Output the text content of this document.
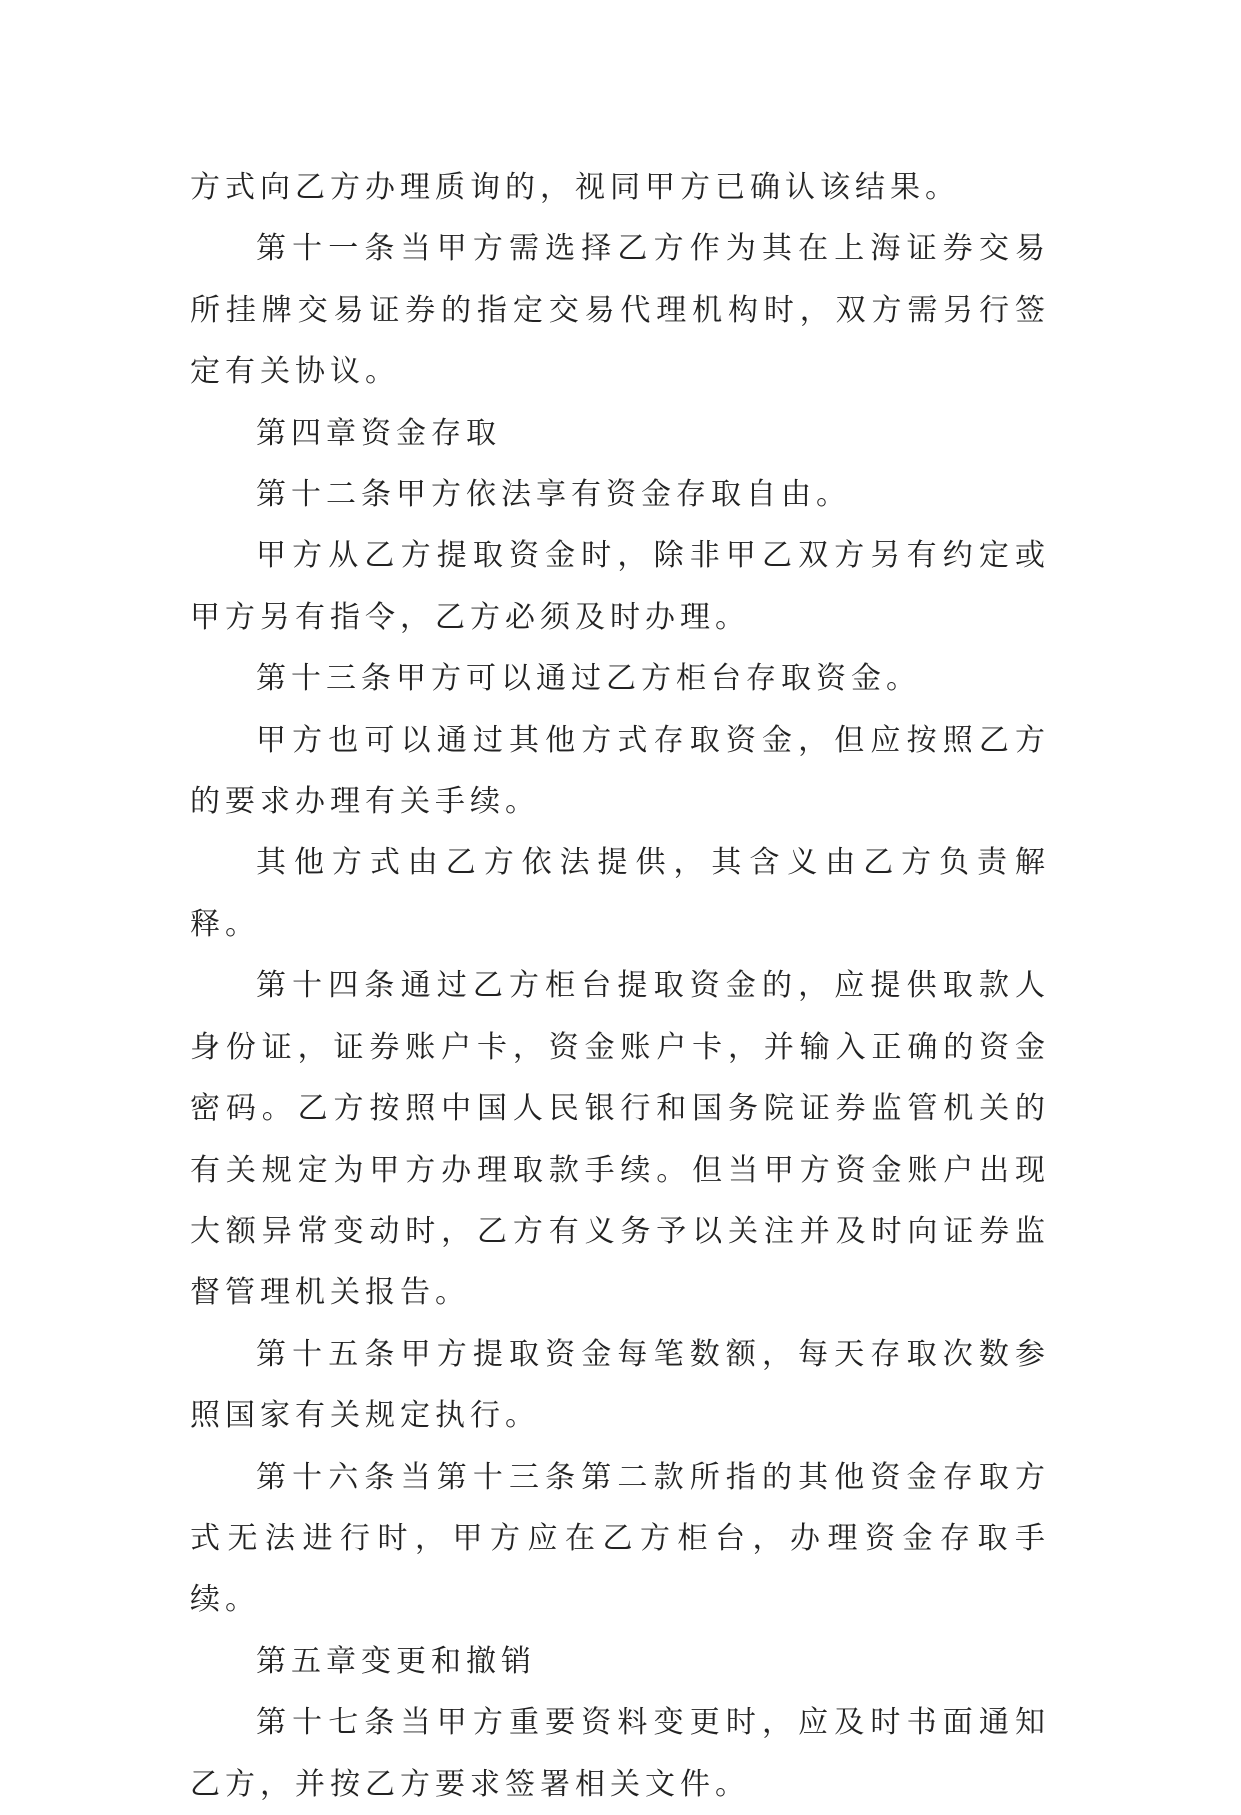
方式向乙方办理质询的，视同甲方已确认该结果。

第十一条当甲方需选择乙方作为其在上海证券交易所挂牌交易证券的指定交易代理机构时，双方需另行签定有关协议。

第四章资金存取

第十二条甲方依法享有资金存取自由。

甲方从乙方提取资金时，除非甲乙双方另有约定或甲方另有指令，乙方必须及时办理。

第十三条甲方可以通过乙方柜台存取资金。

甲方也可以通过其他方式存取资金，但应按照乙方的要求办理有关手续。

其他方式由乙方依法提供，其含义由乙方负责解释。

第十四条通过乙方柜台提取资金的，应提供取款人身份证，证券账户卡，资金账户卡，并输入正确的资金密码。乙方按照中国人民银行和国务院证券监管机关的有关规定为甲方办理取款手续。但当甲方资金账户出现大额异常变动时，乙方有义务予以关注并及时向证券监督管理机关报告。

第十五条甲方提取资金每笔数额，每天存取次数参照国家有关规定执行。

第十六条当第十三条第二款所指的其他资金存取方式无法进行时，甲方应在乙方柜台，办理资金存取手续。

第五章变更和撤销

第十七条当甲方重要资料变更时，应及时书面通知乙方，并按乙方要求签署相关文件。
